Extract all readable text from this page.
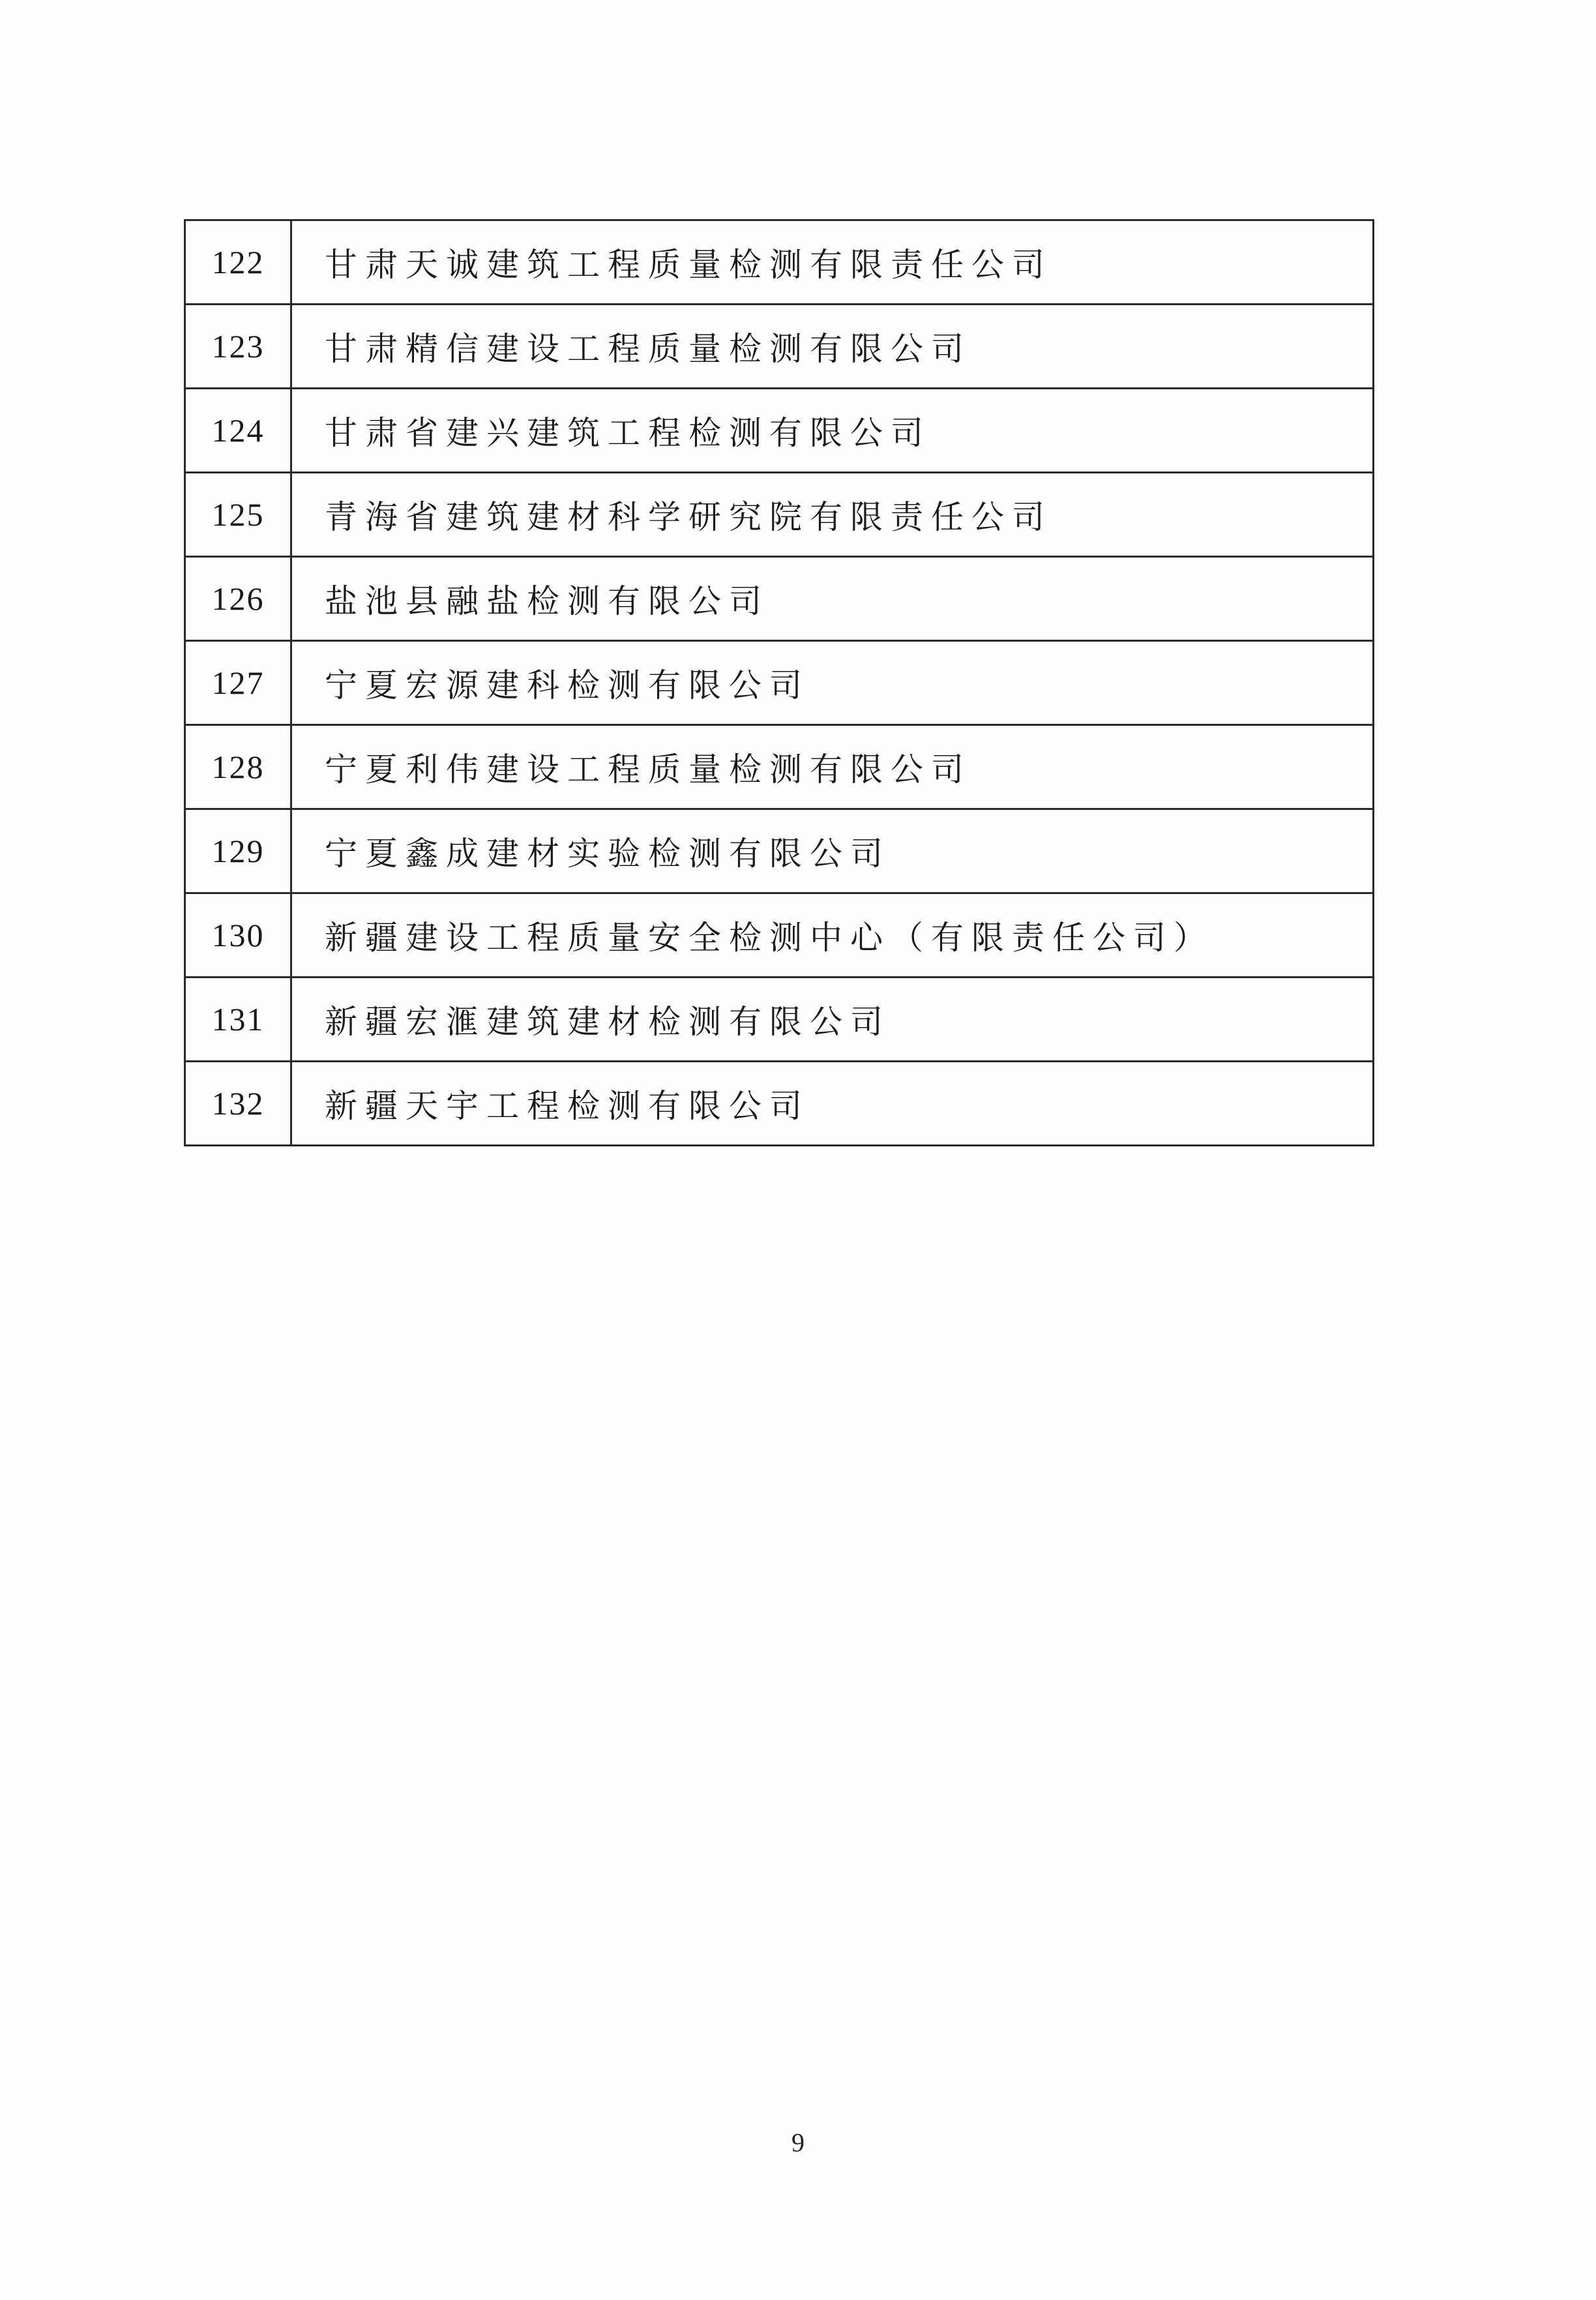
122	甘肃天诚建筑工程质量检测有限责任公司
123	甘肃精信建设工程质量检测有限公司
124	甘肃省建兴建筑工程检测有限公司
125	青海省建筑建材科学研究院有限责任公司
126	盐池县融盐检测有限公司
127	宁夏宏源建科检测有限公司
128	宁夏利伟建设工程质量检测有限公司
129	宁夏鑫成建材实验检测有限公司
130	新疆建设工程质量安全检测中心（有限责任公司）
131	新疆宏滙建筑建材检测有限公司
132	新疆天宇工程检测有限公司
9
